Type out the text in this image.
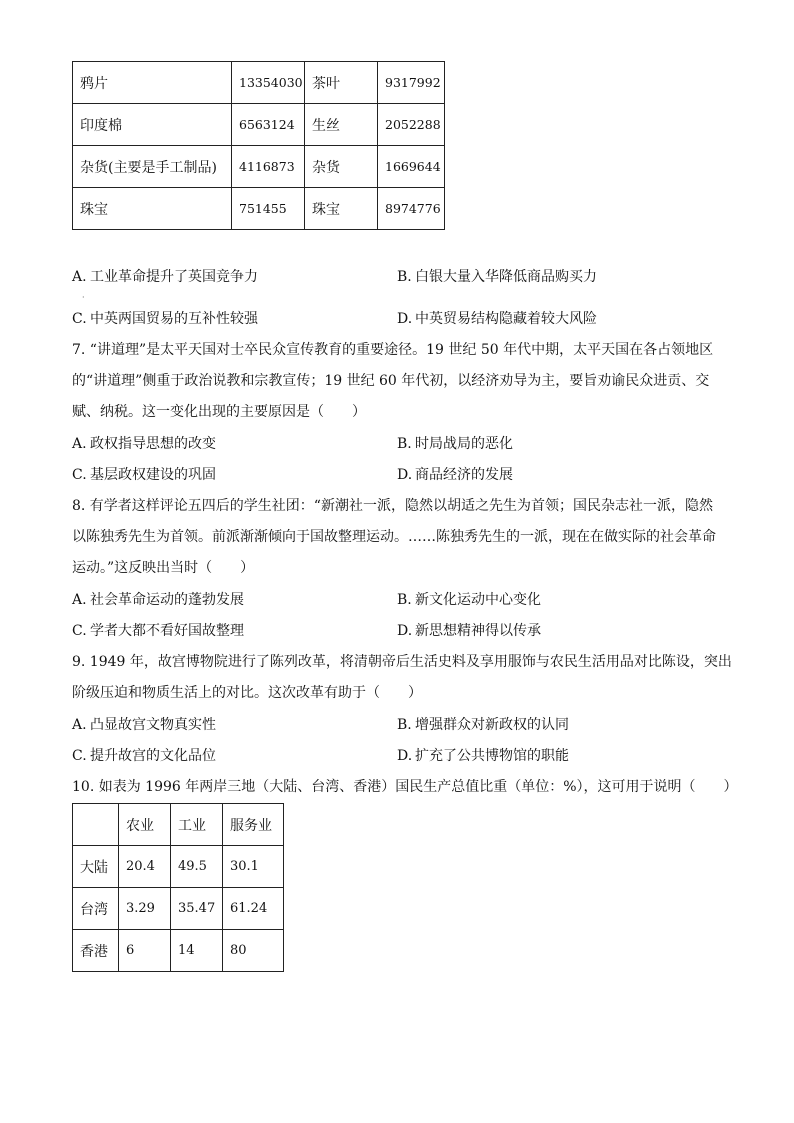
鸦片	13354030	茶叶	9317992
印度棉	6563124	生丝	2052288
杂货(主要是手工制品)	4116873	杂货	1669644
珠宝	751455	珠宝	8974776
A. 工业革命提升了英国竞争力
·
B. 白银大量入华降低商品购买力
C. 中英两国贸易的互补性较强	D. 中英贸易结构隐藏着较大风险
7. “讲道理”是太平天国对士卒民众宣传教育的重要途径。19 世纪 50 年代中期，太平天国在各占领地区
的“讲道理”侧重于政治说教和宗教宣传；19 世纪 60 年代初，以经济劝导为主，要旨劝谕民众进贡、交
赋、纳税。这一变化出现的主要原因是（　　）
A. 政权指导思想的改变	B. 时局战局的恶化
C. 基层政权建设的巩固	D. 商品经济的发展
8. 有学者这样评论五四后的学生社团：“新潮社一派，隐然以胡适之先生为首领；国民杂志社一派，隐然
以陈独秀先生为首领。前派渐渐倾向于国故整理运动。……陈独秀先生的一派，现在在做实际的社会革命
运动。”这反映出当时（　　）
A. 社会革命运动的蓬勃发展	B. 新文化运动中心变化
C. 学者大都不看好国故整理	D. 新思想精神得以传承
9. 1949 年，故宫博物院进行了陈列改革，将清朝帝后生活史料及享用服饰与农民生活用品对比陈设，突出
阶级压迫和物质生活上的对比。这次改革有助于（　　）
A. 凸显故宫文物真实性	B. 增强群众对新政权的认同
C. 提升故宫的文化品位	D. 扩充了公共博物馆的职能
10. 如表为 1996 年两岸三地（大陆、台湾、香港）国民生产总值比重（单位：%），这可用于说明（　　）
	农业	工业	服务业
大陆	20.4	49.5	30.1
台湾	3.29	35.47	61.24
香港	6	14	80
